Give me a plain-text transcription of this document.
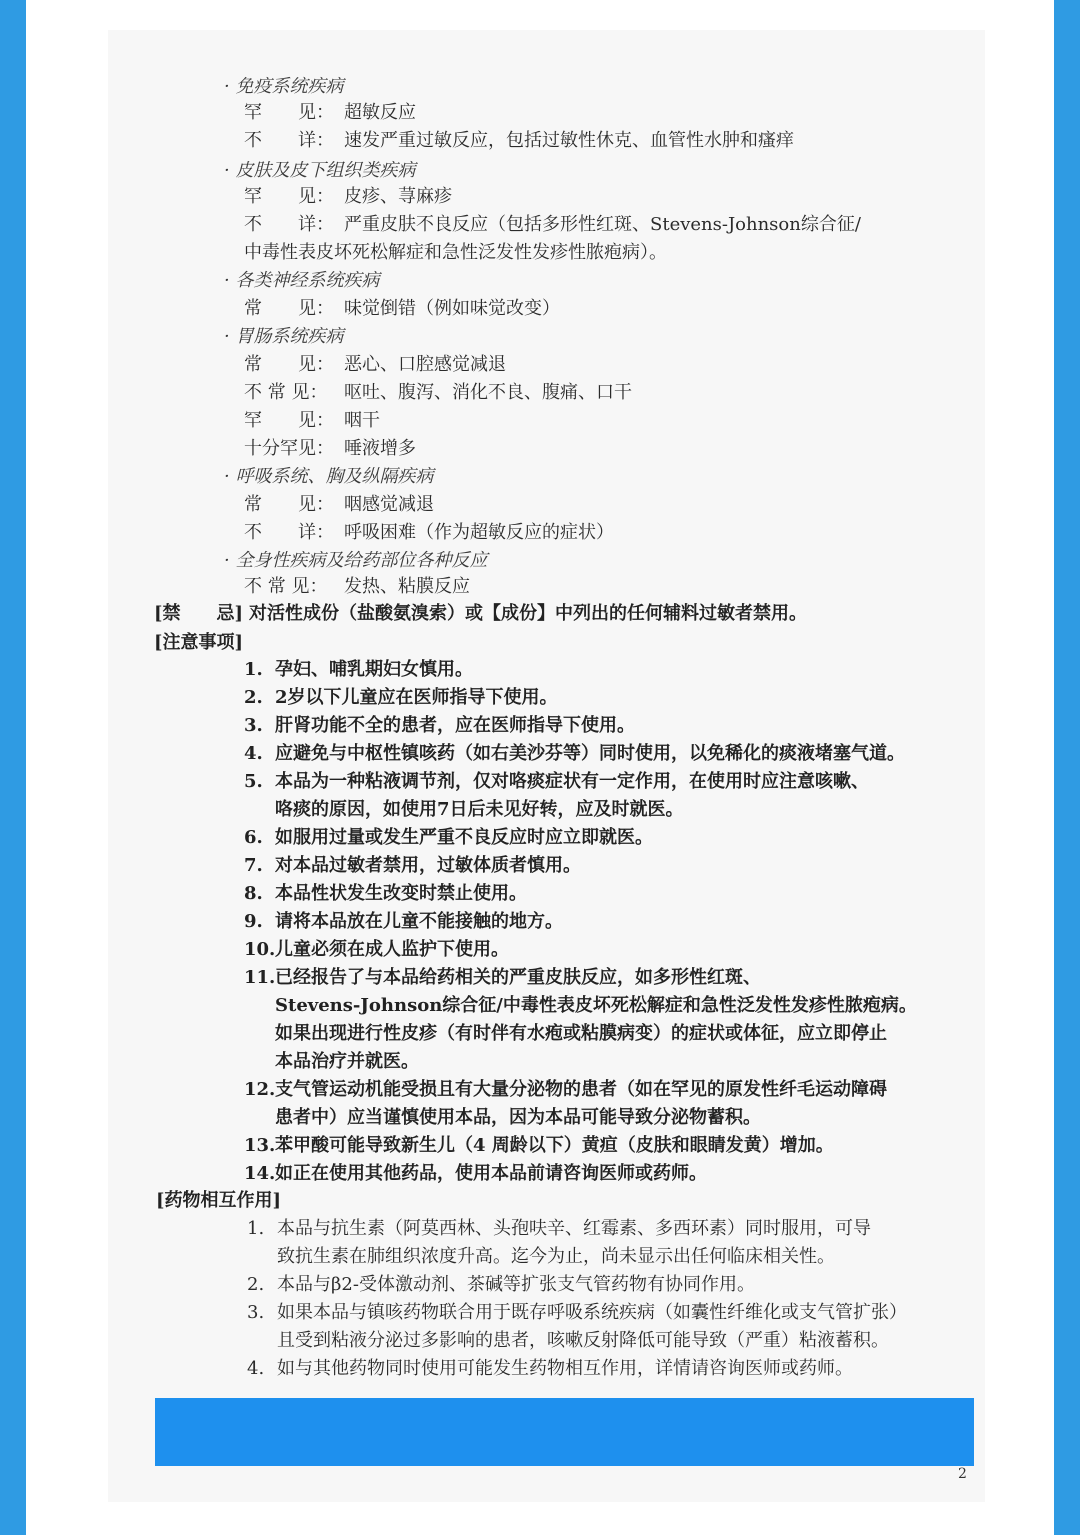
· 免疫系统疾病
罕　　见： 超敏反应
不　　详： 速发严重过敏反应，包括过敏性休克、血管性水肿和瘙痒
· 皮肤及皮下组织类疾病
罕　　见： 皮疹、荨麻疹
不　　详： 严重皮肤不良反应（包括多形性红斑、Stevens-Johnson综合征/
中毒性表皮坏死松解症和急性泛发性发疹性脓疱病）。
· 各类神经系统疾病
常　　见： 味觉倒错（例如味觉改变）
· 胃肠系统疾病
常　　见： 恶心、口腔感觉减退
不 常 见： 呕吐、腹泻、消化不良、腹痛、口干
罕　　见： 咽干
十分罕见： 唾液增多
· 呼吸系统、胸及纵隔疾病
常　　见： 咽感觉减退
不　　详： 呼吸困难（作为超敏反应的症状）
· 全身性疾病及给药部位各种反应
不 常 见： 发热、粘膜反应
[禁　　忌] 对活性成份（盐酸氨溴索）或【成份】中列出的任何辅料过敏者禁用。
[注意事项]
1. 孕妇、哺乳期妇女慎用。
2. 2岁以下儿童应在医师指导下使用。
3. 肝肾功能不全的患者，应在医师指导下使用。
4. 应避免与中枢性镇咳药（如右美沙芬等）同时使用，以免稀化的痰液堵塞气道。
5. 本品为一种粘液调节剂，仅对咯痰症状有一定作用，在使用时应注意咳嗽、
咯痰的原因，如使用7日后未见好转，应及时就医。
6. 如服用过量或发生严重不良反应时应立即就医。
7. 对本品过敏者禁用，过敏体质者慎用。
8. 本品性状发生改变时禁止使用。
9. 请将本品放在儿童不能接触的地方。
10. 儿童必须在成人监护下使用。
11. 已经报告了与本品给药相关的严重皮肤反应，如多形性红斑、
Stevens-Johnson综合征/中毒性表皮坏死松解症和急性泛发性发疹性脓疱病。
如果出现进行性皮疹（有时伴有水疱或粘膜病变）的症状或体征，应立即停止
本品治疗并就医。
12. 支气管运动机能受损且有大量分泌物的患者（如在罕见的原发性纤毛运动障碍
患者中）应当谨慎使用本品，因为本品可能导致分泌物蓄积。
13. 苯甲酸可能导致新生儿（4 周龄以下）黄疸（皮肤和眼睛发黄）增加。
14. 如正在使用其他药品，使用本品前请咨询医师或药师。
[药物相互作用]
1. 本品与抗生素（阿莫西林、头孢呋辛、红霉素、多西环素）同时服用，可导
致抗生素在肺组织浓度升高。迄今为止，尚未显示出任何临床相关性。
2. 本品与β2-受体激动剂、茶碱等扩张支气管药物有协同作用。
3. 如果本品与镇咳药物联合用于既存呼吸系统疾病（如囊性纤维化或支气管扩张）
且受到粘液分泌过多影响的患者，咳嗽反射降低可能导致（严重）粘液蓄积。
4. 如与其他药物同时使用可能发生药物相互作用，详情请咨询医师或药师。
2
